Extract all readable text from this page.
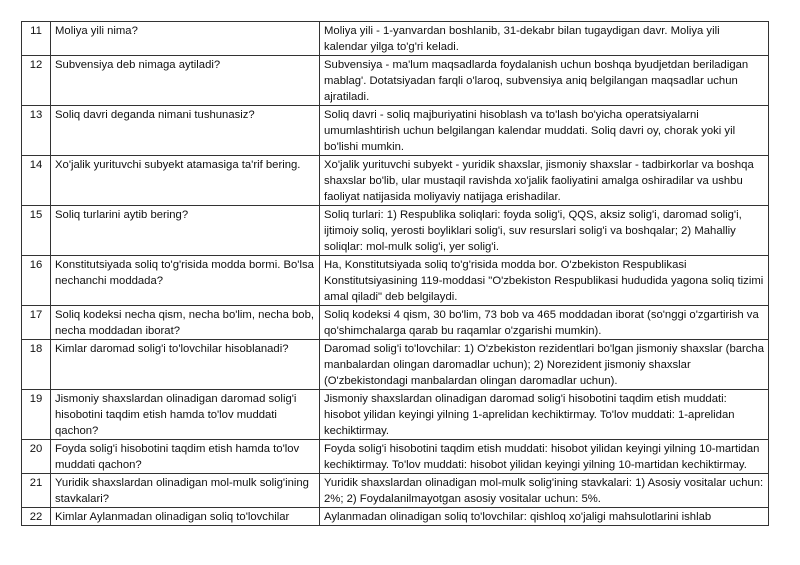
11	Moliya yili nima?	Moliya yili - 1-yanvardan boshlanib, 31-dekabr bilan tugaydigan davr. Moliya yili kalendar yilga to'g'ri keladi.
12	Subvensiya deb nimaga aytiladi?	Subvensiya - ma'lum maqsadlarda foydalanish uchun boshqa byudjetdan beriladigan mablag'. Dotatsiyadan farqli o'laroq, subvensiya aniq belgilangan maqsadlar uchun ajratiladi.
13	Soliq davri deganda nimani tushunasiz?	Soliq davri - soliq majburiyatini hisoblash va to'lash bo'yicha operatsiyalarni umumlashtirish uchun belgilangan kalendar muddati. Soliq davri oy, chorak yoki yil bo'lishi mumkin.
14	Xo'jalik yurituvchi subyekt atamasiga ta'rif bering.	Xo'jalik yurituvchi subyekt - yuridik shaxslar, jismoniy shaxslar - tadbirkorlar va boshqa shaxslar bo'lib, ular mustaqil ravishda xo'jalik faoliyatini amalga oshiradilar va ushbu faoliyat natijasida moliyaviy natijaga erishadilar.
15	Soliq turlarini aytib bering?	Soliq turlari: 1) Respublika soliqlari: foyda solig'i, QQS, aksiz solig'i, daromad solig'i, ijtimoiy soliq, yerosti boyliklari solig'i, suv resurslari solig'i va boshqalar; 2) Mahalliy soliqlar: mol-mulk solig'i, yer solig'i.
16	Konstitutsiyada soliq to'g'risida modda bormi. Bo'lsa nechanchi moddada?	Ha, Konstitutsiyada soliq to'g'risida modda bor. O'zbekiston Respublikasi Konstitutsiyasining 119-moddasi "O'zbekiston Respublikasi hududida yagona soliq tizimi amal qiladi" deb belgilaydi.
17	Soliq kodeksi necha qism, necha bo'lim, necha bob, necha moddadan iborat?	Soliq kodeksi 4 qism, 30 bo'lim, 73 bob va 465 moddadan iborat (so'nggi o'zgartirish va qo'shimchalarga qarab bu raqamlar o'zgarishi mumkin).
18	Kimlar daromad solig'i to'lovchilar hisoblanadi?	Daromad solig'i to'lovchilar: 1) O'zbekiston rezidentlari bo'lgan jismoniy shaxslar (barcha manbalardan olingan daromadlar uchun); 2) Norezident jismoniy shaxslar (O'zbekistondagi manbalardan olingan daromadlar uchun).
19	Jismoniy shaxslardan olinadigan daromad solig'i hisobotini taqdim etish hamda to'lov muddati qachon?	Jismoniy shaxslardan olinadigan daromad solig'i hisobotini taqdim etish muddati: hisobot yilidan keyingi yilning 1-aprelidan kechiktirmay. To'lov muddati: 1-aprelidan kechiktirmay.
20	Foyda solig'i hisobotini taqdim etish hamda to'lov muddati qachon?	Foyda solig'i hisobotini taqdim etish muddati: hisobot yilidan keyingi yilning 10-martidan kechiktirmay. To'lov muddati: hisobot yilidan keyingi yilning 10-martidan kechiktirmay.
21	Yuridik shaxslardan olinadigan mol-mulk solig'ining stavkalari?	Yuridik shaxslardan olinadigan mol-mulk solig'ining stavkalari: 1) Asosiy vositalar uchun: 2%; 2) Foydalanilmayotgan asosiy vositalar uchun: 5%.
22	Kimlar Aylanmadan olinadigan soliq to'lovchilar	Aylanmadan olinadigan soliq to'lovchilar: qishloq xo'jaligi mahsulotlarini ishlab
